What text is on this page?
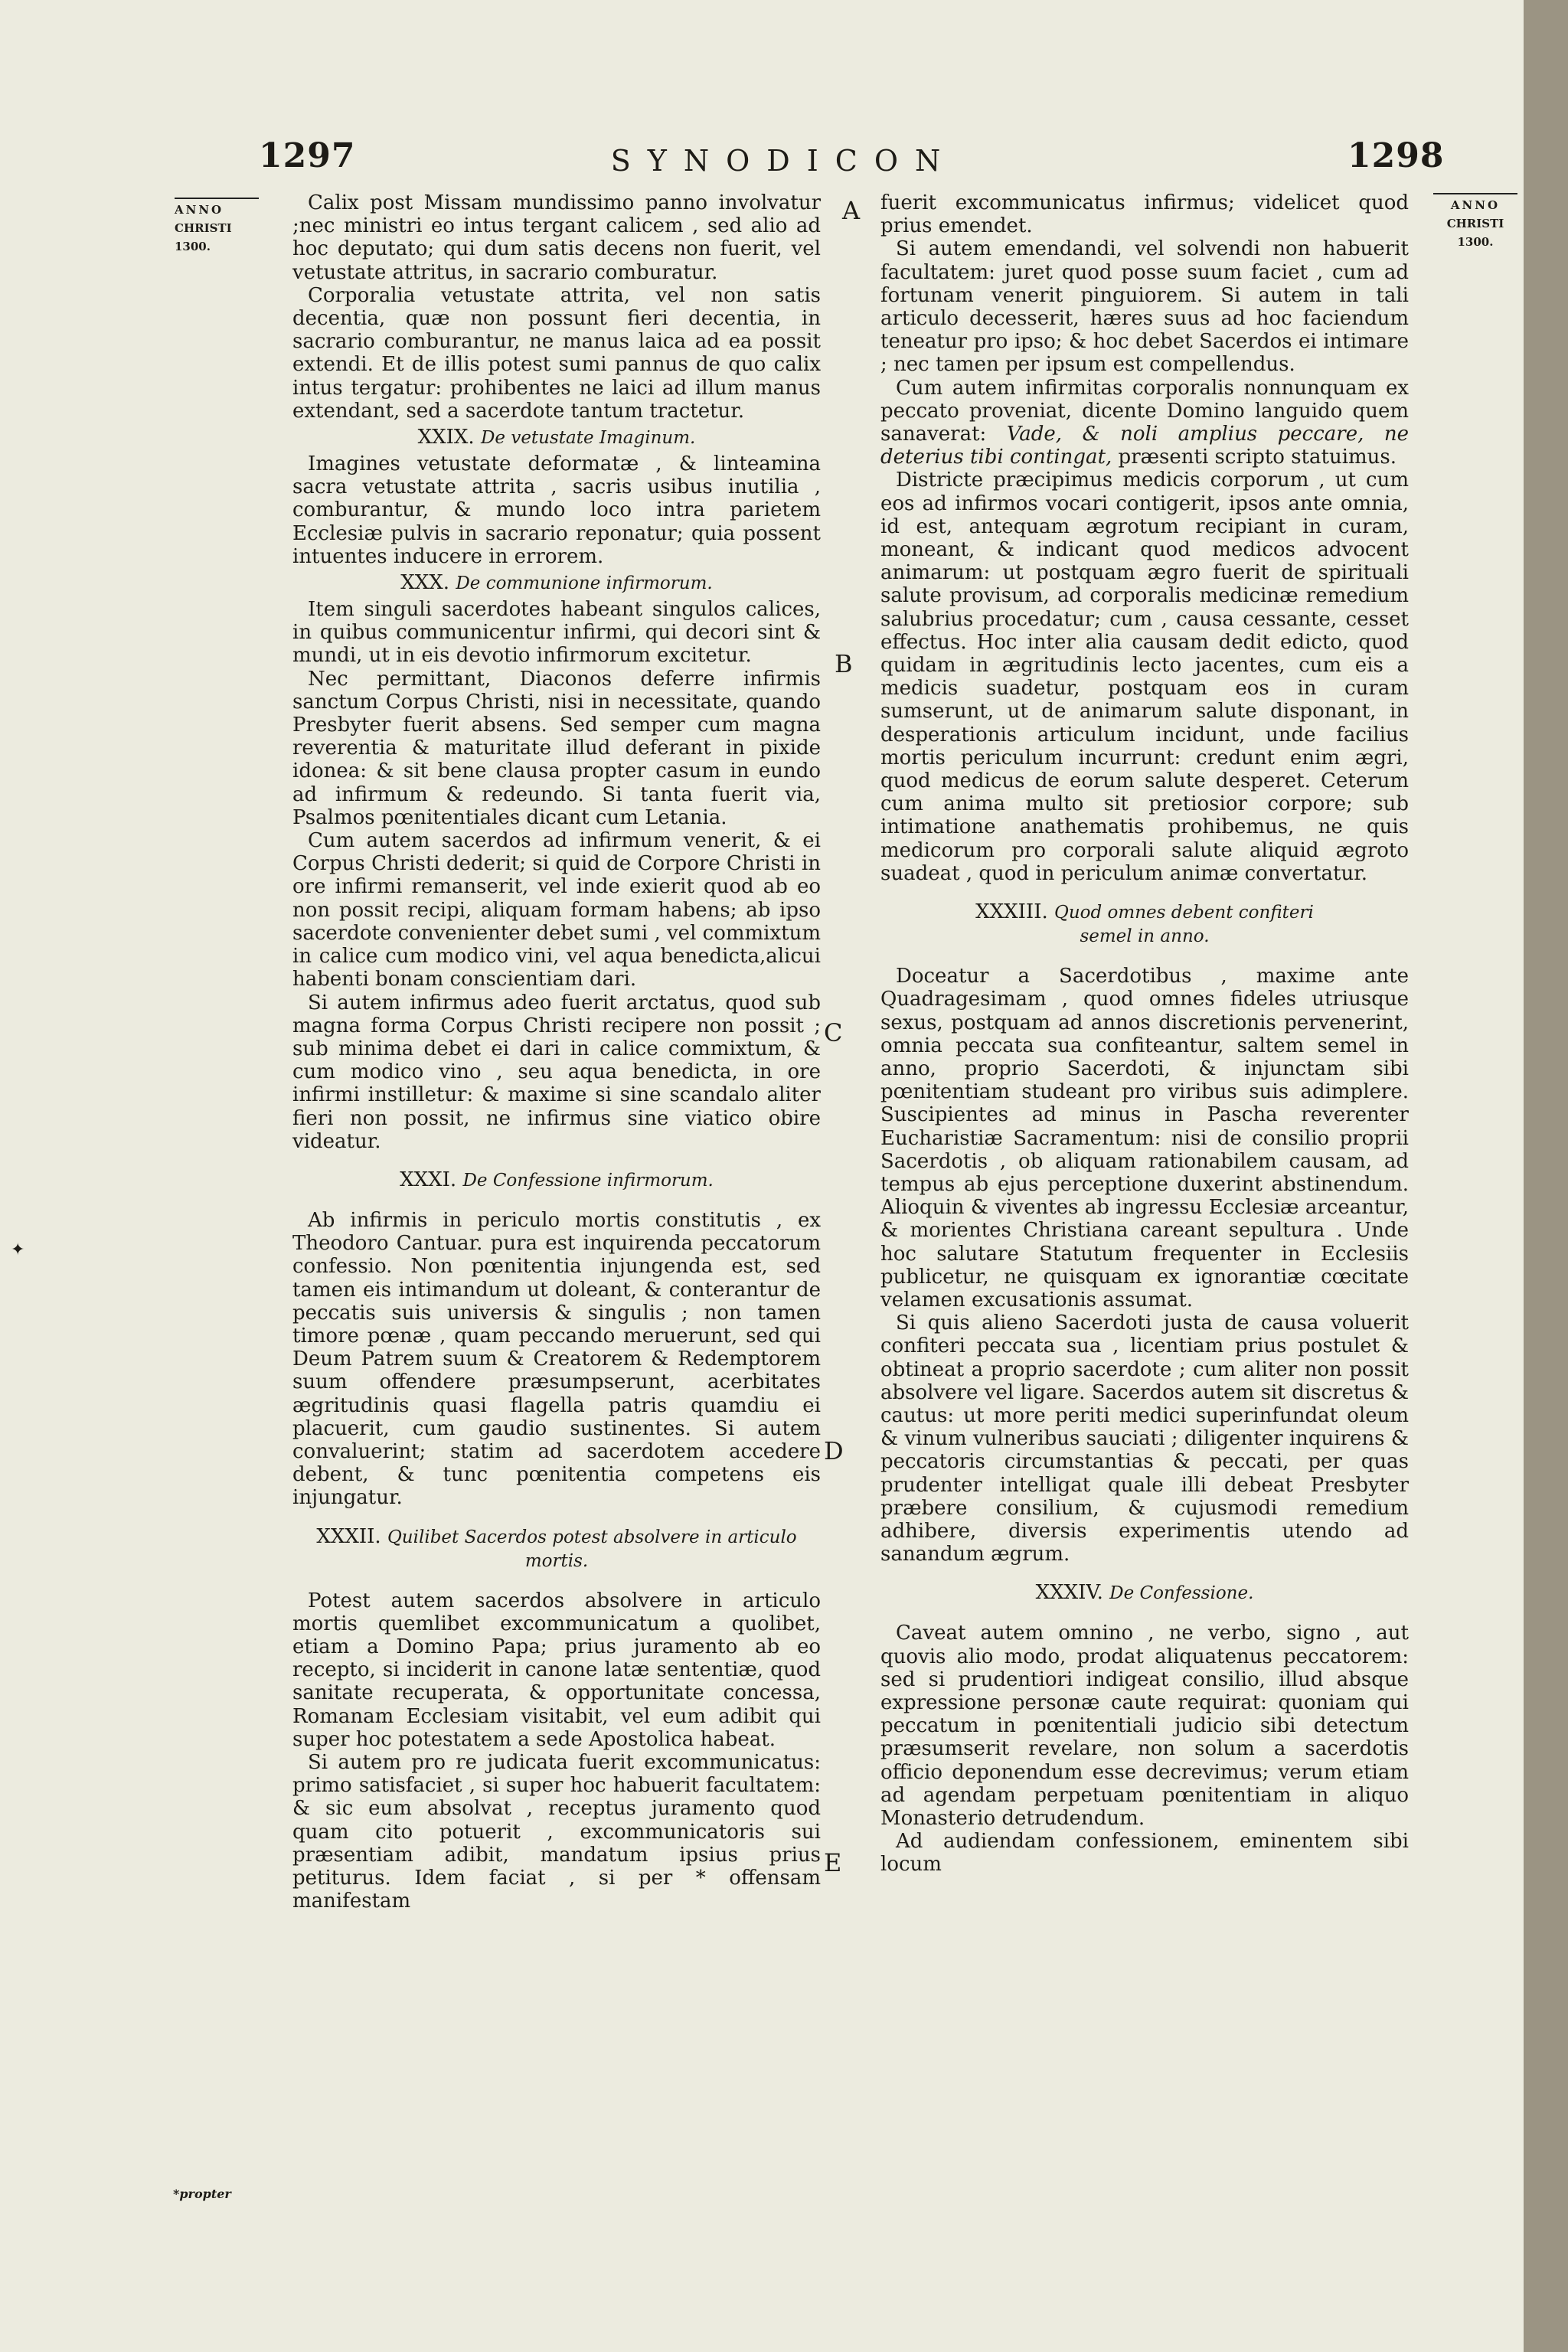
1297	SYNODICON	1298
ANNO
CHRISTI
1300.
ANNO
CHRISTI
1300.
A
B
C
D
E
✦

Calix post Missam mundissimo panno involvatur ;nec ministri eo intus tergant calicem , sed alio ad hoc deputato; qui dum satis decens non fuerit, vel vetustate attritus, in sacrario comburatur.

Corporalia vetustate attrita, vel non satis decentia, quæ non possunt fieri decentia, in sacrario comburantur, ne manus laica ad ea possit extendi. Et de illis potest sumi pannus de quo calix intus tergatur: prohibentes ne laici ad illum manus extendant, sed a sacerdote tantum tractetur.

XXIX. De vetustate Imaginum.

Imagines vetustate deformatæ , & linteamina sacra vetustate attrita , sacris usibus inutilia , comburantur, & mundo loco intra parietem Ecclesiæ pulvis in sacrario reponatur; quia possent intuentes inducere in errorem.

XXX. De communione infirmorum.

Item singuli sacerdotes habeant singulos calices, in quibus communicentur infirmi, qui decori sint & mundi, ut in eis devotio infirmorum excitetur.

Nec permittant, Diaconos deferre infirmis sanctum Corpus Christi, nisi in necessitate, quando Presbyter fuerit absens. Sed semper cum magna reverentia & maturitate illud deferant in pixide idonea: & sit bene clausa propter casum in eundo ad infirmum & redeundo. Si tanta fuerit via, Psalmos pœnitentiales dicant cum Letania.

Cum autem sacerdos ad infirmum venerit, & ei Corpus Christi dederit; si quid de Corpore Christi in ore infirmi remanserit, vel inde exierit quod ab eo non possit recipi, aliquam formam habens; ab ipso sacerdote convenienter debet sumi , vel commixtum in calice cum modico vini, vel aqua benedicta,alicui habenti bonam conscientiam dari.

Si autem infirmus adeo fuerit arctatus, quod sub magna forma Corpus Christi recipere non possit ; sub minima debet ei dari in calice commixtum, & cum modico vino , seu aqua benedicta, in ore infirmi instilletur: & maxime si sine scandalo aliter fieri non possit, ne infirmus sine viatico obire videatur.

XXXI. De Confessione infirmorum.

Ab infirmis in periculo mortis constitutis , ex Theodoro Cantuar. pura est inquirenda peccatorum confessio. Non pœnitentia injungenda est, sed tamen eis intimandum ut doleant, & conterantur de peccatis suis universis & singulis ; non tamen timore pœnæ , quam peccando meruerunt, sed qui Deum Patrem suum & Creatorem & Redemptorem suum offendere præsumpserunt, acerbitates ægritudinis quasi flagella patris quamdiu ei placuerit, cum gaudio sustinentes. Si autem convaluerint; statim ad sacerdotem accedere debent, & tunc pœnitentia competens eis injungatur.

XXXII. Quilibet Sacerdos potest absolvere in articulo mortis.

Potest autem sacerdos absolvere in articulo mortis quemlibet excommunicatum a quolibet, etiam a Domino Papa; prius juramento ab eo recepto, si inciderit in canone latæ sententiæ, quod sanitate recuperata, & opportunitate concessa, Romanam Ecclesiam visitabit, vel eum adibit qui super hoc potestatem a sede Apostolica habeat.

Si autem pro re judicata fuerit excommunicatus: primo satisfaciet , si super hoc habuerit facultatem: & sic eum absolvat , receptus juramento quod quam cito potuerit , excommunicatoris sui præsentiam adibit, mandatum ipsius prius petiturus. Idem faciat , si per * offensam manifestam

*propter

fuerit excommunicatus infirmus; videlicet quod prius emendet.

Si autem emendandi, vel solvendi non habuerit facultatem: juret quod posse suum faciet , cum ad fortunam venerit pinguiorem. Si autem in tali articulo decesserit, hæres suus ad hoc faciendum teneatur pro ipso; & hoc debet Sacerdos ei intimare ; nec tamen per ipsum est compellendus.

Cum autem infirmitas corporalis nonnunquam ex peccato proveniat, dicente Domino languido quem sanaverat: Vade, & noli amplius peccare, ne deterius tibi contingat, præsenti scripto statuimus.

Districte præcipimus medicis corporum , ut cum eos ad infirmos vocari contigerit, ipsos ante omnia, id est, antequam ægrotum recipiant in curam, moneant, & indicant quod medicos advocent animarum: ut postquam ægro fuerit de spirituali salute provisum, ad corporalis medicinæ remedium salubrius procedatur; cum , causa cessante, cesset effectus. Hoc inter alia causam dedit edicto, quod quidam in ægritudinis lecto jacentes, cum eis a medicis suadetur, postquam eos in curam sumserunt, ut de animarum salute disponant, in desperationis articulum incidunt, unde facilius mortis periculum incurrunt: credunt enim ægri, quod medicus de eorum salute desperet. Ceterum cum anima multo sit pretiosior corpore; sub intimatione anathematis prohibemus, ne quis medicorum pro corporali salute aliquid ægroto suadeat , quod in periculum animæ convertatur.

XXXIII. Quod omnes debent confiteri
semel in anno.

Doceatur a Sacerdotibus , maxime ante Quadragesimam , quod omnes fideles utriusque sexus, postquam ad annos discretionis pervenerint, omnia peccata sua confiteantur, saltem semel in anno, proprio Sacerdoti, & injunctam sibi pœnitentiam studeant pro viribus suis adimplere. Suscipientes ad minus in Pascha reverenter Eucharistiæ Sacramentum: nisi de consilio proprii Sacerdotis , ob aliquam rationabilem causam, ad tempus ab ejus perceptione duxerint abstinendum. Alioquin & viventes ab ingressu Ecclesiæ arceantur, & morientes Christiana careant sepultura . Unde hoc salutare Statutum frequenter in Ecclesiis publicetur, ne quisquam ex ignorantiæ cœcitate velamen excusationis assumat.

Si quis alieno Sacerdoti justa de causa voluerit confiteri peccata sua , licentiam prius postulet & obtineat a proprio sacerdote ; cum aliter non possit absolvere vel ligare. Sacerdos autem sit discretus & cautus: ut more periti medici superinfundat oleum & vinum vulneribus sauciati ; diligenter inquirens & peccatoris circumstantias & peccati, per quas prudenter intelligat quale illi debeat Presbyter præbere consilium, & cujusmodi remedium adhibere, diversis experimentis utendo ad sanandum ægrum.

XXXIV. De Confessione.

Caveat autem omnino , ne verbo, signo , aut quovis alio modo, prodat aliquatenus peccatorem: sed si prudentiori indigeat consilio, illud absque expressione personæ caute requirat: quoniam qui peccatum in pœnitentiali judicio sibi detectum præsumserit revelare, non solum a sacerdotis officio deponendum esse decrevimus; verum etiam ad agendam perpetuam pœnitentiam in aliquo Monasterio detrudendum.

Ad audiendam confessionem, eminentem sibi locum
